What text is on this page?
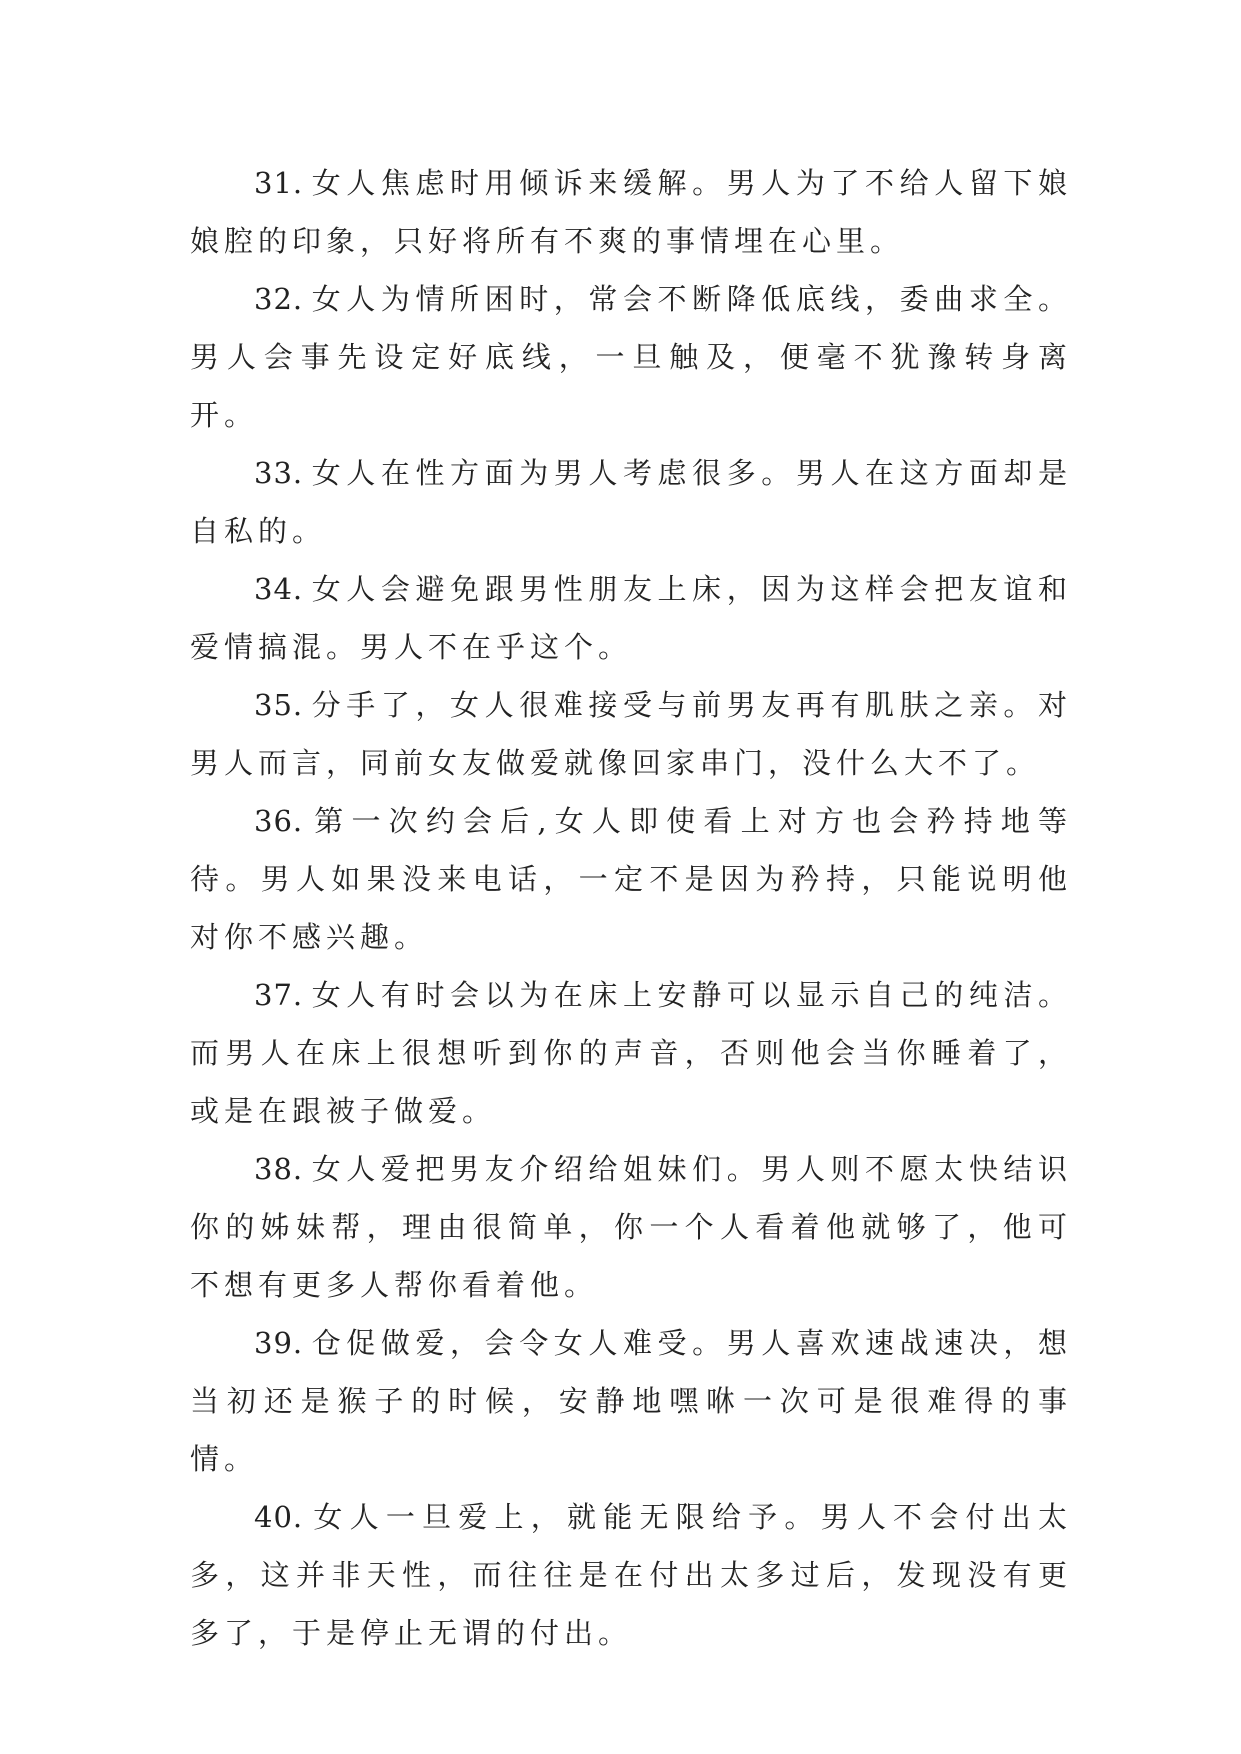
31. 女人焦虑时用倾诉来缓解。男人为了不给人留下娘娘腔的印象，只好将所有不爽的事情埋在心里。

32. 女人为情所困时，常会不断降低底线，委曲求全。男人会事先设定好底线，一旦触及，便毫不犹豫转身离开。

33. 女人在性方面为男人考虑很多。男人在这方面却是自私的。

34. 女人会避免跟男性朋友上床，因为这样会把友谊和爱情搞混。男人不在乎这个。

35. 分手了，女人很难接受与前男友再有肌肤之亲。对男人而言，同前女友做爱就像回家串门，没什么大不了。

36. 第一次约会后,女人即使看上对方也会矜持地等待。男人如果没来电话，一定不是因为矜持，只能说明他对你不感兴趣。

37. 女人有时会以为在床上安静可以显示自己的纯洁。而男人在床上很想听到你的声音，否则他会当你睡着了，或是在跟被子做爱。

38. 女人爱把男友介绍给姐妹们。男人则不愿太快结识你的姊妹帮，理由很简单，你一个人看着他就够了，他可不想有更多人帮你看着他。

39. 仓促做爱，会令女人难受。男人喜欢速战速决，想当初还是猴子的时候，安静地嘿咻一次可是很难得的事情。

40. 女人一旦爱上，就能无限给予。男人不会付出太多，这并非天性，而往往是在付出太多过后，发现没有更多了，于是停止无谓的付出。
